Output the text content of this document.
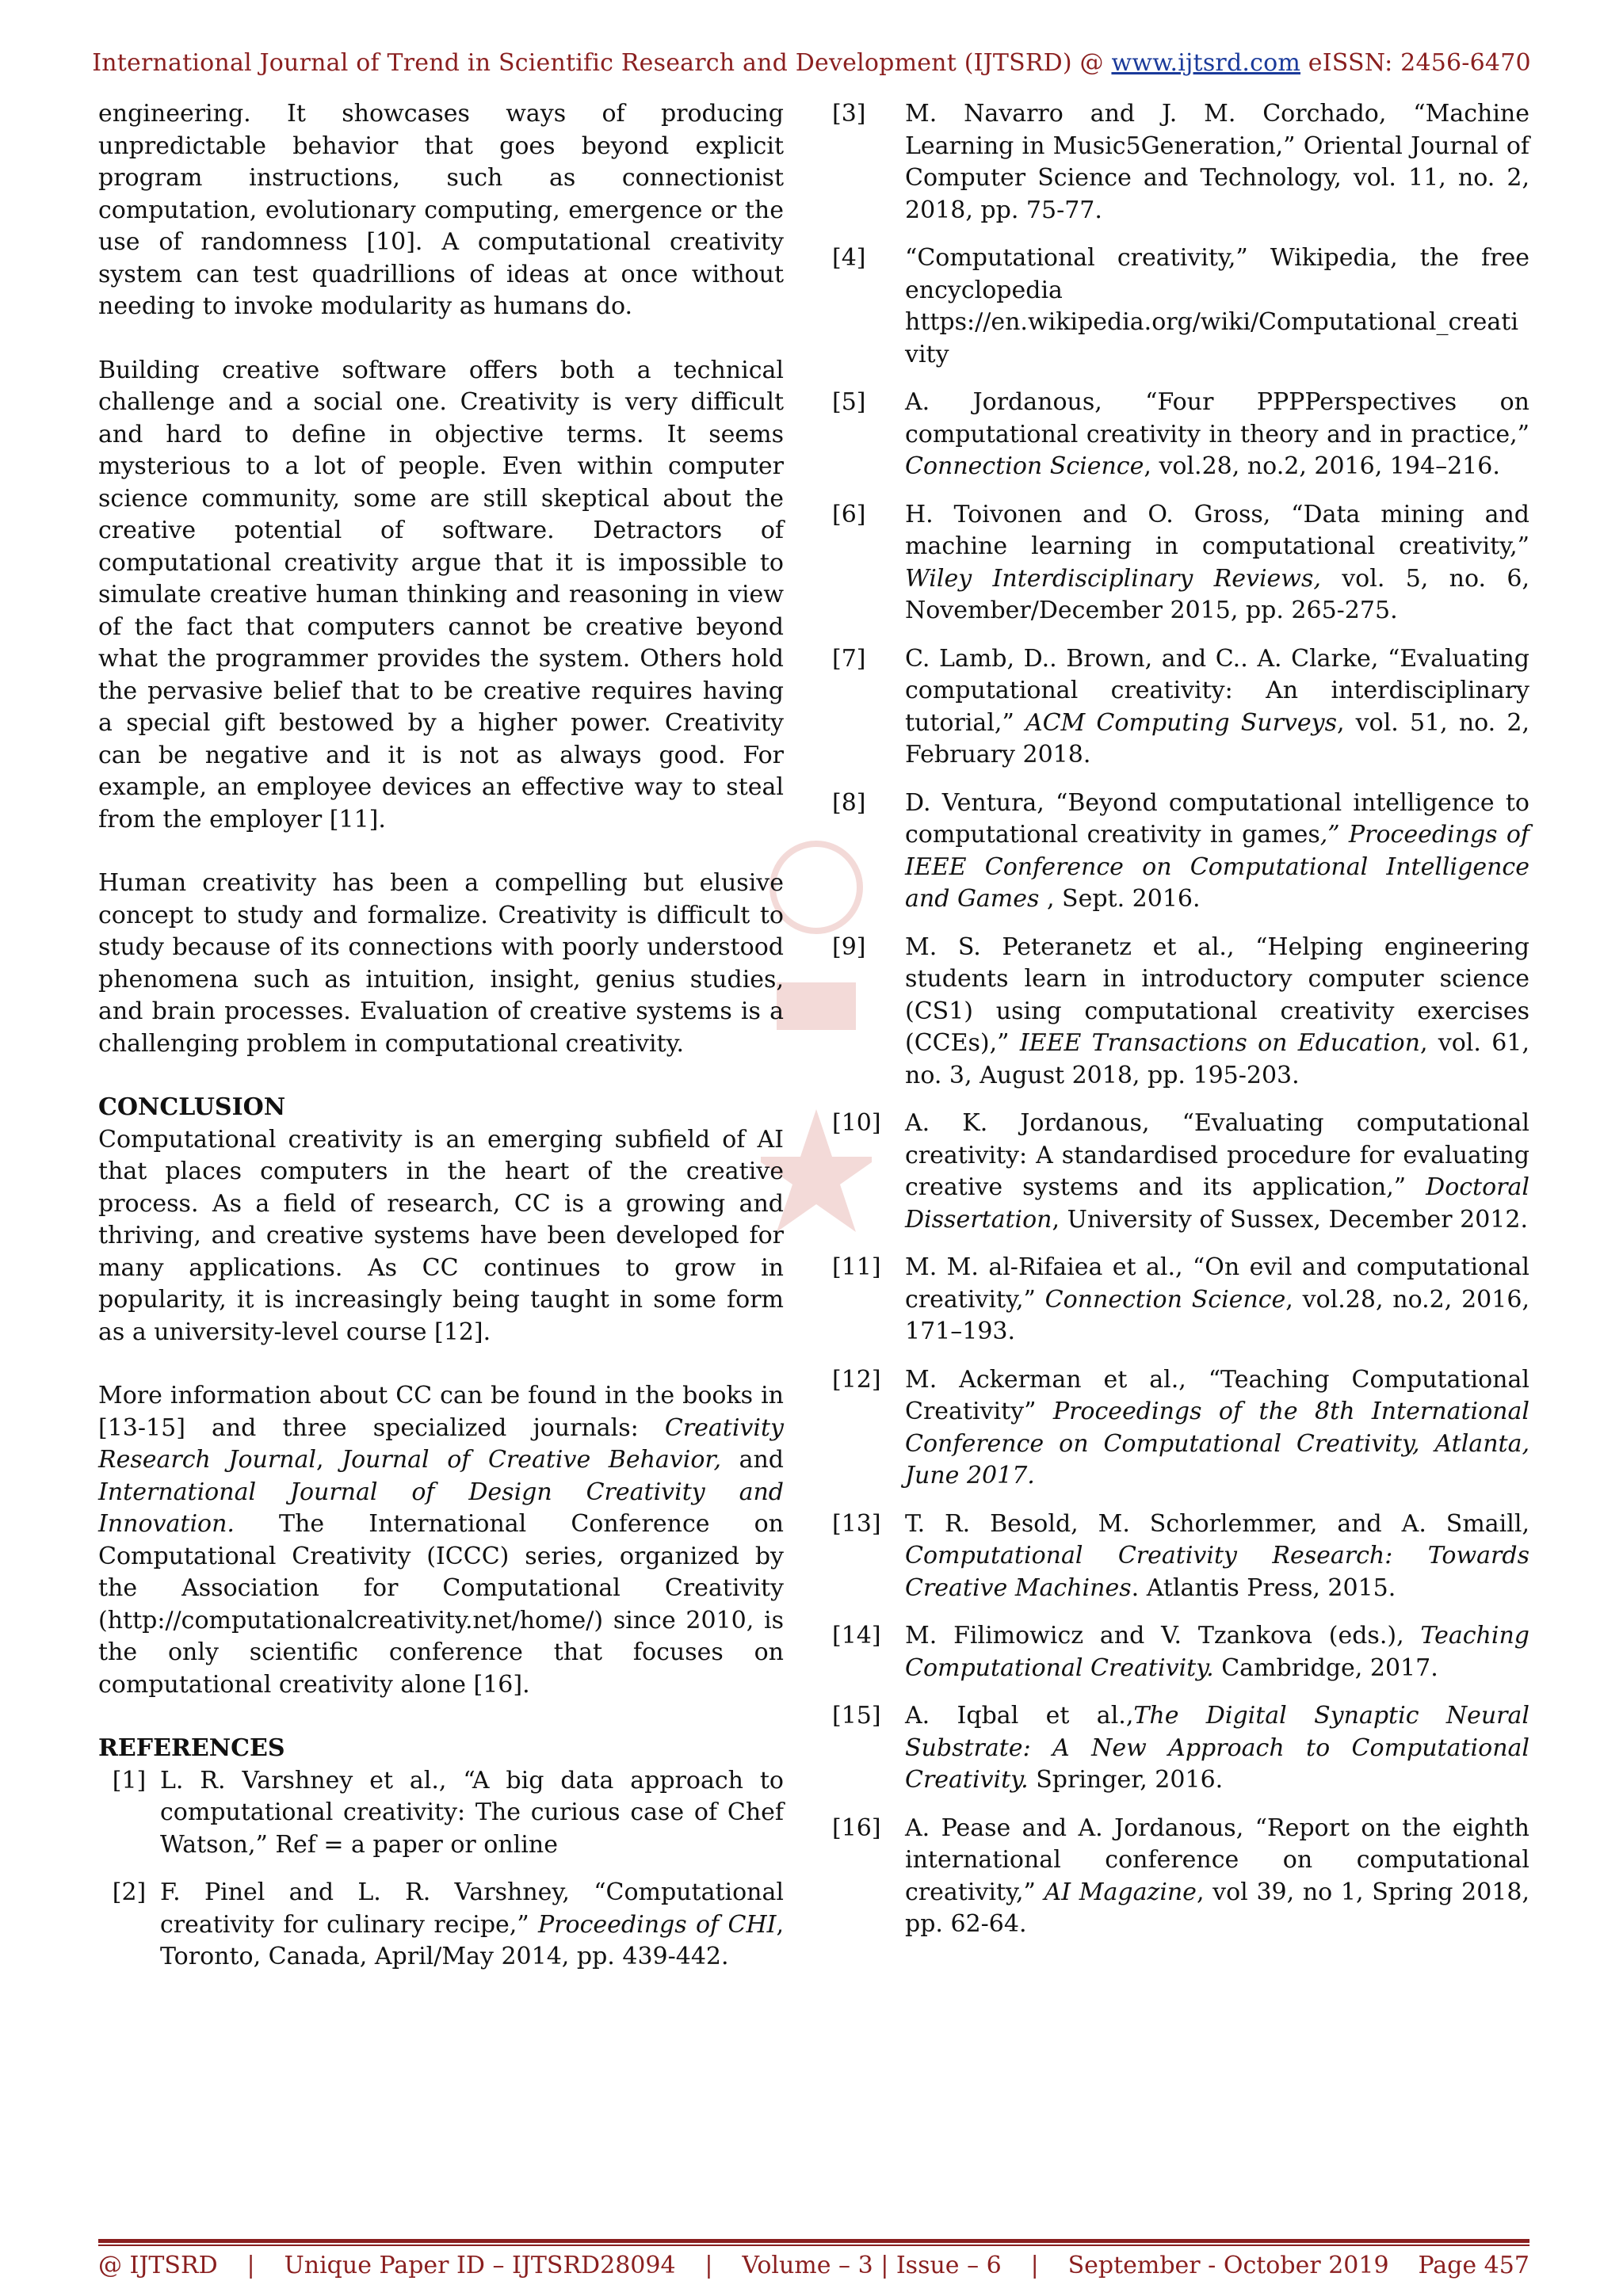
International Journal of Trend in Scientific Research and Development (IJTSRD) @ www.ijtsrd.com eISSN: 2456-6470

engineering. It showcases ways of producing unpredictable behavior that goes beyond explicit program instructions, such as connectionist computation, evolutionary computing, emergence or the use of randomness [10]. A computational creativity system can test quadrillions of ideas at once without needing to invoke modularity as humans do.

Building creative software offers both a technical challenge and a social one. Creativity is very difficult and hard to define in objective terms. It seems mysterious to a lot of people. Even within computer science community, some are still skeptical about the creative potential of software. Detractors of computational creativity argue that it is impossible to simulate creative human thinking and reasoning in view of the fact that computers cannot be creative beyond what the programmer provides the system. Others hold the pervasive belief that to be creative requires having a special gift bestowed by a higher power. Creativity can be negative and it is not as always good. For example, an employee devices an effective way to steal from the employer [11].

Human creativity has been a compelling but elusive concept to study and formalize. Creativity is difficult to study because of its connections with poorly understood phenomena such as intuition, insight, genius studies, and brain processes. Evaluation of creative systems is a challenging problem in computational creativity.

CONCLUSION

Computational creativity is an emerging subfield of AI that places computers in the heart of the creative process. As a field of research, CC is a growing and thriving, and creative systems have been developed for many applications. As CC continues to grow in popularity, it is increasingly being taught in some form as a university-level course [12].

More information about CC can be found in the books in [13-15] and three specialized journals: Creativity Research Journal, Journal of Creative Behavior, and International Journal of Design Creativity and Innovation. The International Conference on Computational Creativity (ICCC) series, organized by the Association for Computational Creativity (http://computationalcreativity.net/home/) since 2010, is the only scientific conference that focuses on computational creativity alone [16].

REFERENCES
[1] L. R. Varshney et al., “A big data approach to computational creativity: The curious case of Chef Watson,” Ref = a paper or online
[2] F. Pinel and L. R. Varshney, “Computational creativity for culinary recipe,” Proceedings of CHI, Toronto, Canada, April/May 2014, pp. 439-442.
[3]	M. Navarro and J. M. Corchado, “Machine Learning in Music5Generation,” Oriental Journal of Computer Science and Technology, vol. 11, no. 2, 2018, pp. 75-77.
[4]	“Computational creativity,” Wikipedia, the free encyclopedia
https://en.wikipedia.org/wiki/Computational_creativity
[5]	A. Jordanous, “Four PPPPerspectives on computational creativity in theory and in practice,” Connection Science, vol.28, no.2, 2016, 194–216.
[6]	H. Toivonen and O. Gross, “Data mining and machine learning in computational creativity,” Wiley Interdisciplinary Reviews, vol. 5, no. 6, November/December 2015, pp. 265-275.
[7]	C. Lamb, D.. Brown, and C.. A. Clarke, “Evaluating computational creativity: An interdisciplinary tutorial,” ACM Computing Surveys, vol. 51, no. 2, February 2018.
[8]	D. Ventura, “Beyond computational intelligence to computational creativity in games,” Proceedings of IEEE Conference on Computational Intelligence and Games , Sept. 2016.
[9]	M. S. Peteranetz et al., “Helping engineering students learn in introductory computer science (CS1) using computational creativity exercises (CCEs),” IEEE Transactions on Education, vol. 61, no. 3, August 2018, pp. 195-203.
[10]	A. K. Jordanous, “Evaluating computational creativity: A standardised procedure for evaluating creative systems and its application,” Doctoral Dissertation, University of Sussex, December 2012.
[11]	M. M. al-Rifaiea et al., “On evil and computational creativity,” Connection Science, vol.28, no.2, 2016, 171–193.
[12]	M. Ackerman et al., “Teaching Computational Creativity” Proceedings of the 8th International Conference on Computational Creativity, Atlanta, June 2017.
[13]	T. R. Besold, M. Schorlemmer, and A. Smaill, Computational Creativity Research: Towards Creative Machines. Atlantis Press, 2015.
[14]	M. Filimowicz and V. Tzankova (eds.), Teaching Computational Creativity. Cambridge, 2017.
[15]	A. Iqbal et al.,The Digital Synaptic Neural Substrate: A New Approach to Computational Creativity. Springer, 2016.
[16]	A. Pease and A. Jordanous, “Report on the eighth international conference on computational creativity,” AI Magazine, vol 39, no 1, Spring 2018, pp. 62-64.
@ IJTSRD | Unique Paper ID – IJTSRD28094 | Volume – 3 | Issue – 6 | September - October 2019 Page 457
